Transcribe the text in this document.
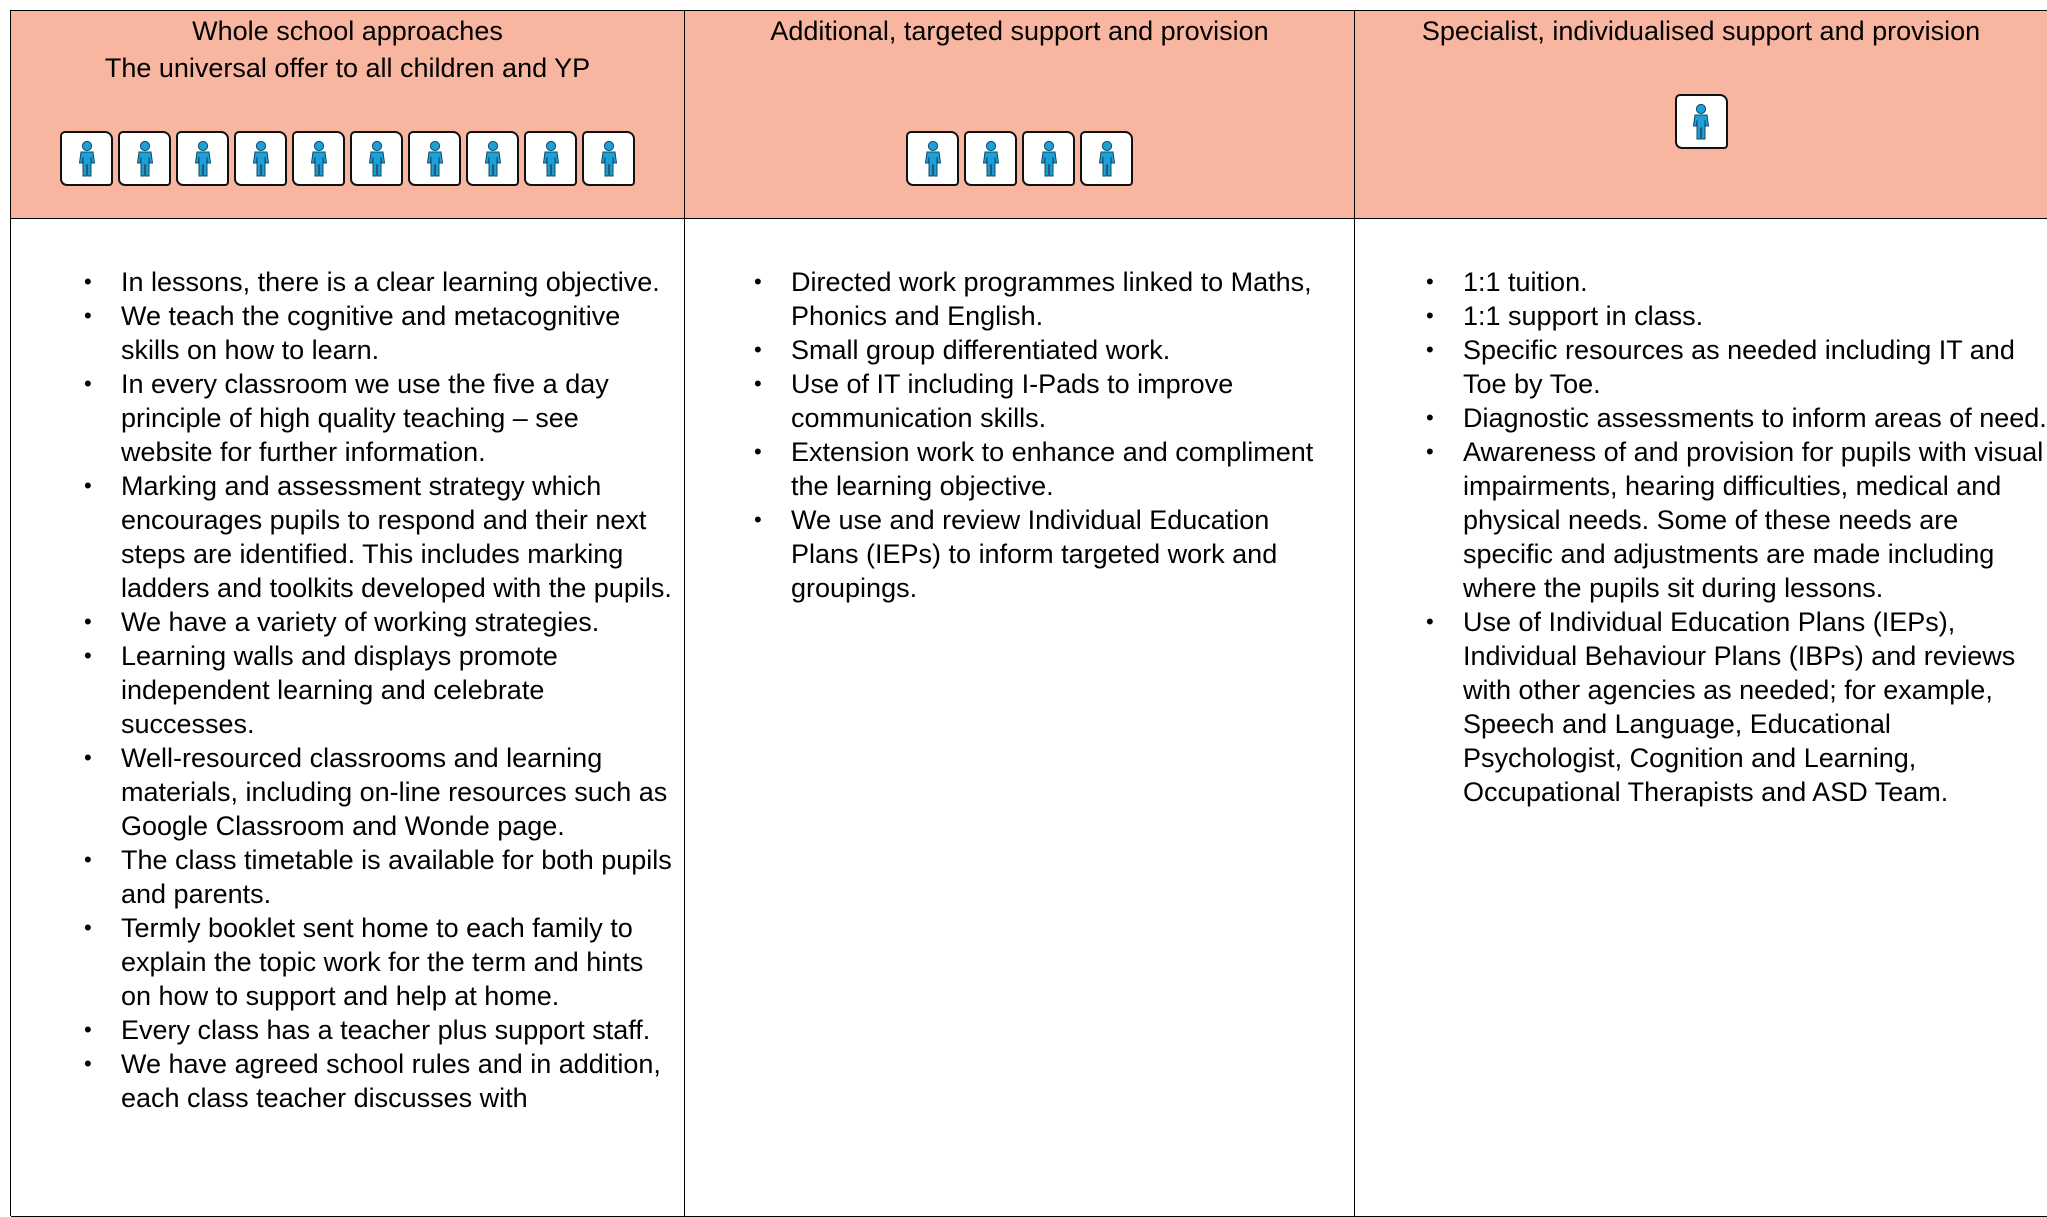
Whole school approaches
The universal offer to all children and YP
Additional, targeted support and provision	Specialist, individualised support and provision
• In lessons, there is a clear learning objective.
• We teach the cognitive and metacognitive skills on how to learn.
• In every classroom we use the five a day principle of high quality teaching – see website for further information.
• Marking and assessment strategy which encourages pupils to respond and their next steps are identified. This includes marking ladders and toolkits developed with the pupils.
• We have a variety of working strategies.
• Learning walls and displays promote independent learning and celebrate successes.
• Well-resourced classrooms and learning materials, including on-line resources such as Google Classroom and Wonde page.
• The class timetable is available for both pupils and parents.
• Termly booklet sent home to each family to explain the topic work for the term and hints on how to support and help at home.
• Every class has a teacher plus support staff.
• We have agreed school rules and in addition, each class teacher discusses with
• Directed work programmes linked to Maths, Phonics and English.
• Small group differentiated work.
• Use of IT including I-Pads to improve communication skills.
• Extension work to enhance and compliment the learning objective.
• We use and review Individual Education Plans (IEPs) to inform targeted work and groupings.
• 1:1 tuition.
• 1:1 support in class.
• Specific resources as needed including IT and Toe by Toe.
• Diagnostic assessments to inform areas of need.
• Awareness of and provision for pupils with visual impairments, hearing difficulties, medical and physical needs. Some of these needs are specific and adjustments are made including where the pupils sit during lessons.
• Use of Individual Education Plans (IEPs), Individual Behaviour Plans (IBPs) and reviews with other agencies as needed; for example, Speech and Language, Educational Psychologist, Cognition and Learning, Occupational Therapists and ASD Team.
